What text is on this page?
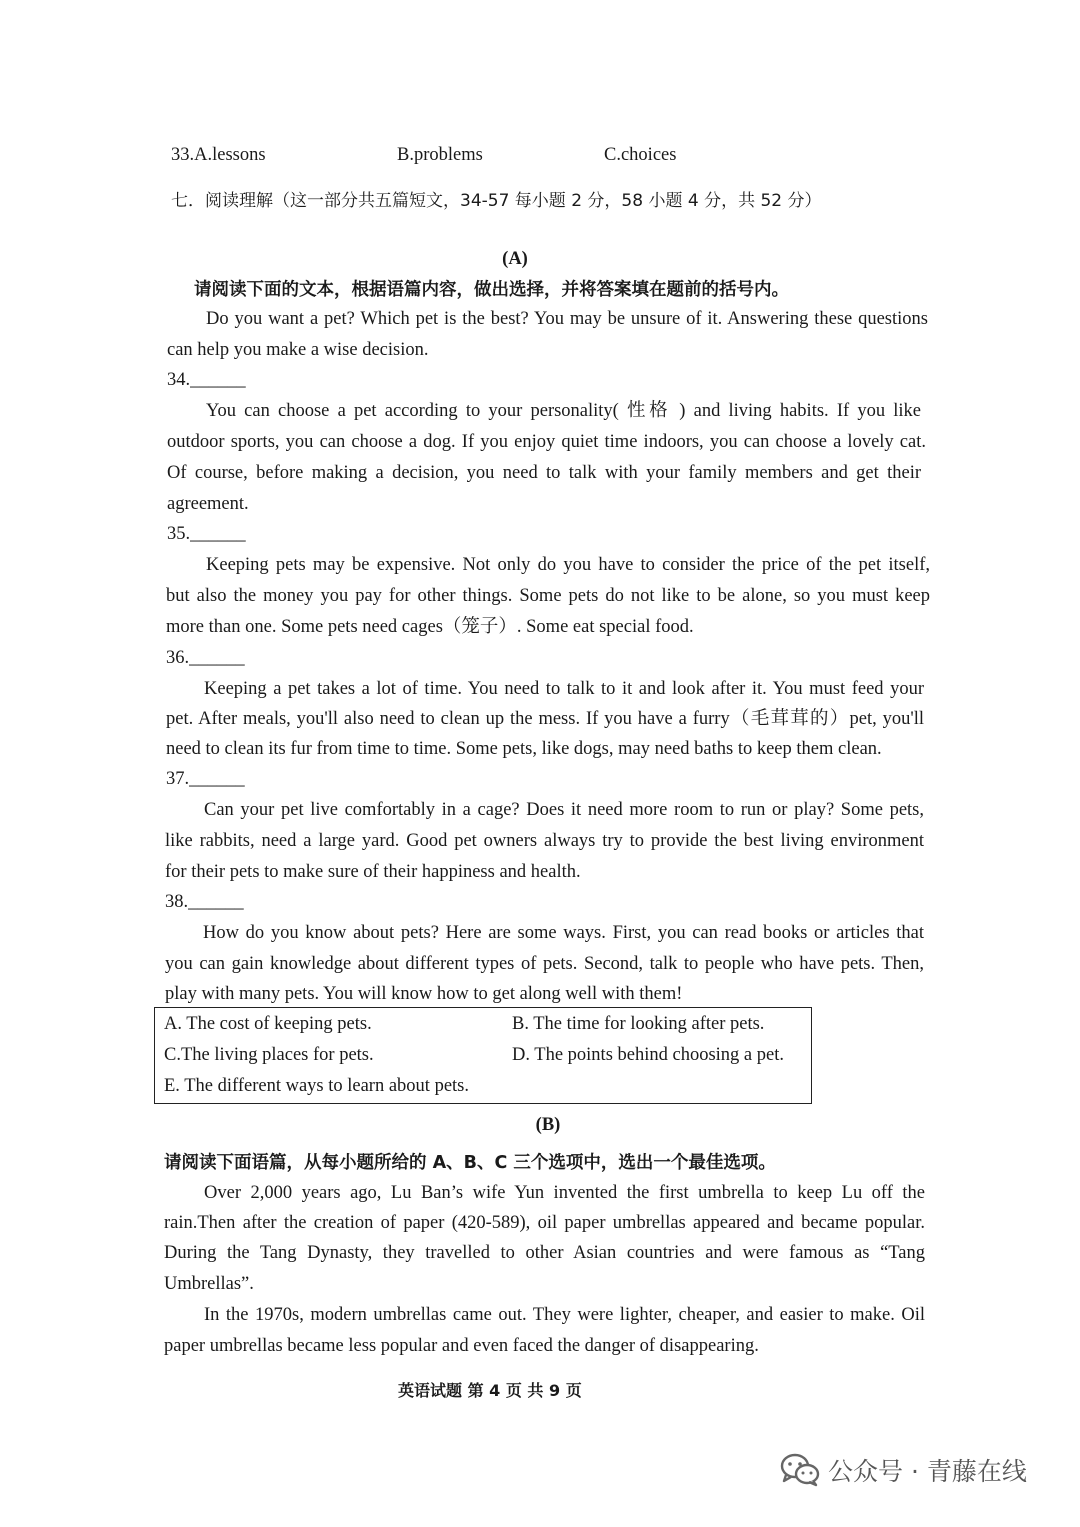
33.A.lessons	B.problems	C.choices
七．阅读理解（这一部分共五篇短文，34-57 每小题 2 分，58 小题 4 分，共 52 分）
(A)
请阅读下面的文本，根据语篇内容，做出选择，并将答案填在题前的括号内。
Do you want a pet? Which pet is the best? You may be unsure of it. Answering these questions
can help you make a wise decision.
34.______
You can choose a pet according to your personality( 性格 ) and living habits. If you like
outdoor sports, you can choose a dog. If you enjoy quiet time indoors, you can choose a lovely cat.
Of course, before making a decision, you need to talk with your family members and get their
agreement.
35.______
Keeping pets may be expensive. Not only do you have to consider the price of the pet itself,
but also the money you pay for other things. Some pets do not like to be alone, so you must keep
more than one. Some pets need cages（笼子）. Some eat special food.
36.______
Keeping a pet takes a lot of time. You need to talk to it and look after it. You must feed your
pet. After meals, you'll also need to clean up the mess. If you have a furry（毛茸茸的）pet, you'll
need to clean its fur from time to time. Some pets, like dogs, may need baths to keep them clean.
37.______
Can your pet live comfortably in a cage? Does it need more room to run or play? Some pets,
like rabbits, need a large yard. Good pet owners always try to provide the best living environment
for their pets to make sure of their happiness and health.
38.______
How do you know about pets? Here are some ways. First, you can read books or articles that
you can gain knowledge about different types of pets. Second, talk to people who have pets. Then,
play with many pets. You will know how to get along well with them!
A. The cost of keeping pets.	B. The time for looking after pets.
C.The living places for pets.	D. The points behind choosing a pet.
E. The different ways to learn about pets.
(B)
请阅读下面语篇，从每小题所给的 A、B、C 三个选项中，选出一个最佳选项。
Over 2,000 years ago, Lu Ban’s wife Yun invented the first umbrella to keep Lu off the
rain.Then after the creation of paper (420-589), oil paper umbrellas appeared and became popular.
During the Tang Dynasty, they travelled to other Asian countries and were famous as “Tang
Umbrellas”.
In the 1970s, modern umbrellas came out. They were lighter, cheaper, and easier to make. Oil
paper umbrellas became less popular and even faced the danger of disappearing.
英语试题 第 4 页 共 9 页
公众号 · 青藤在线
